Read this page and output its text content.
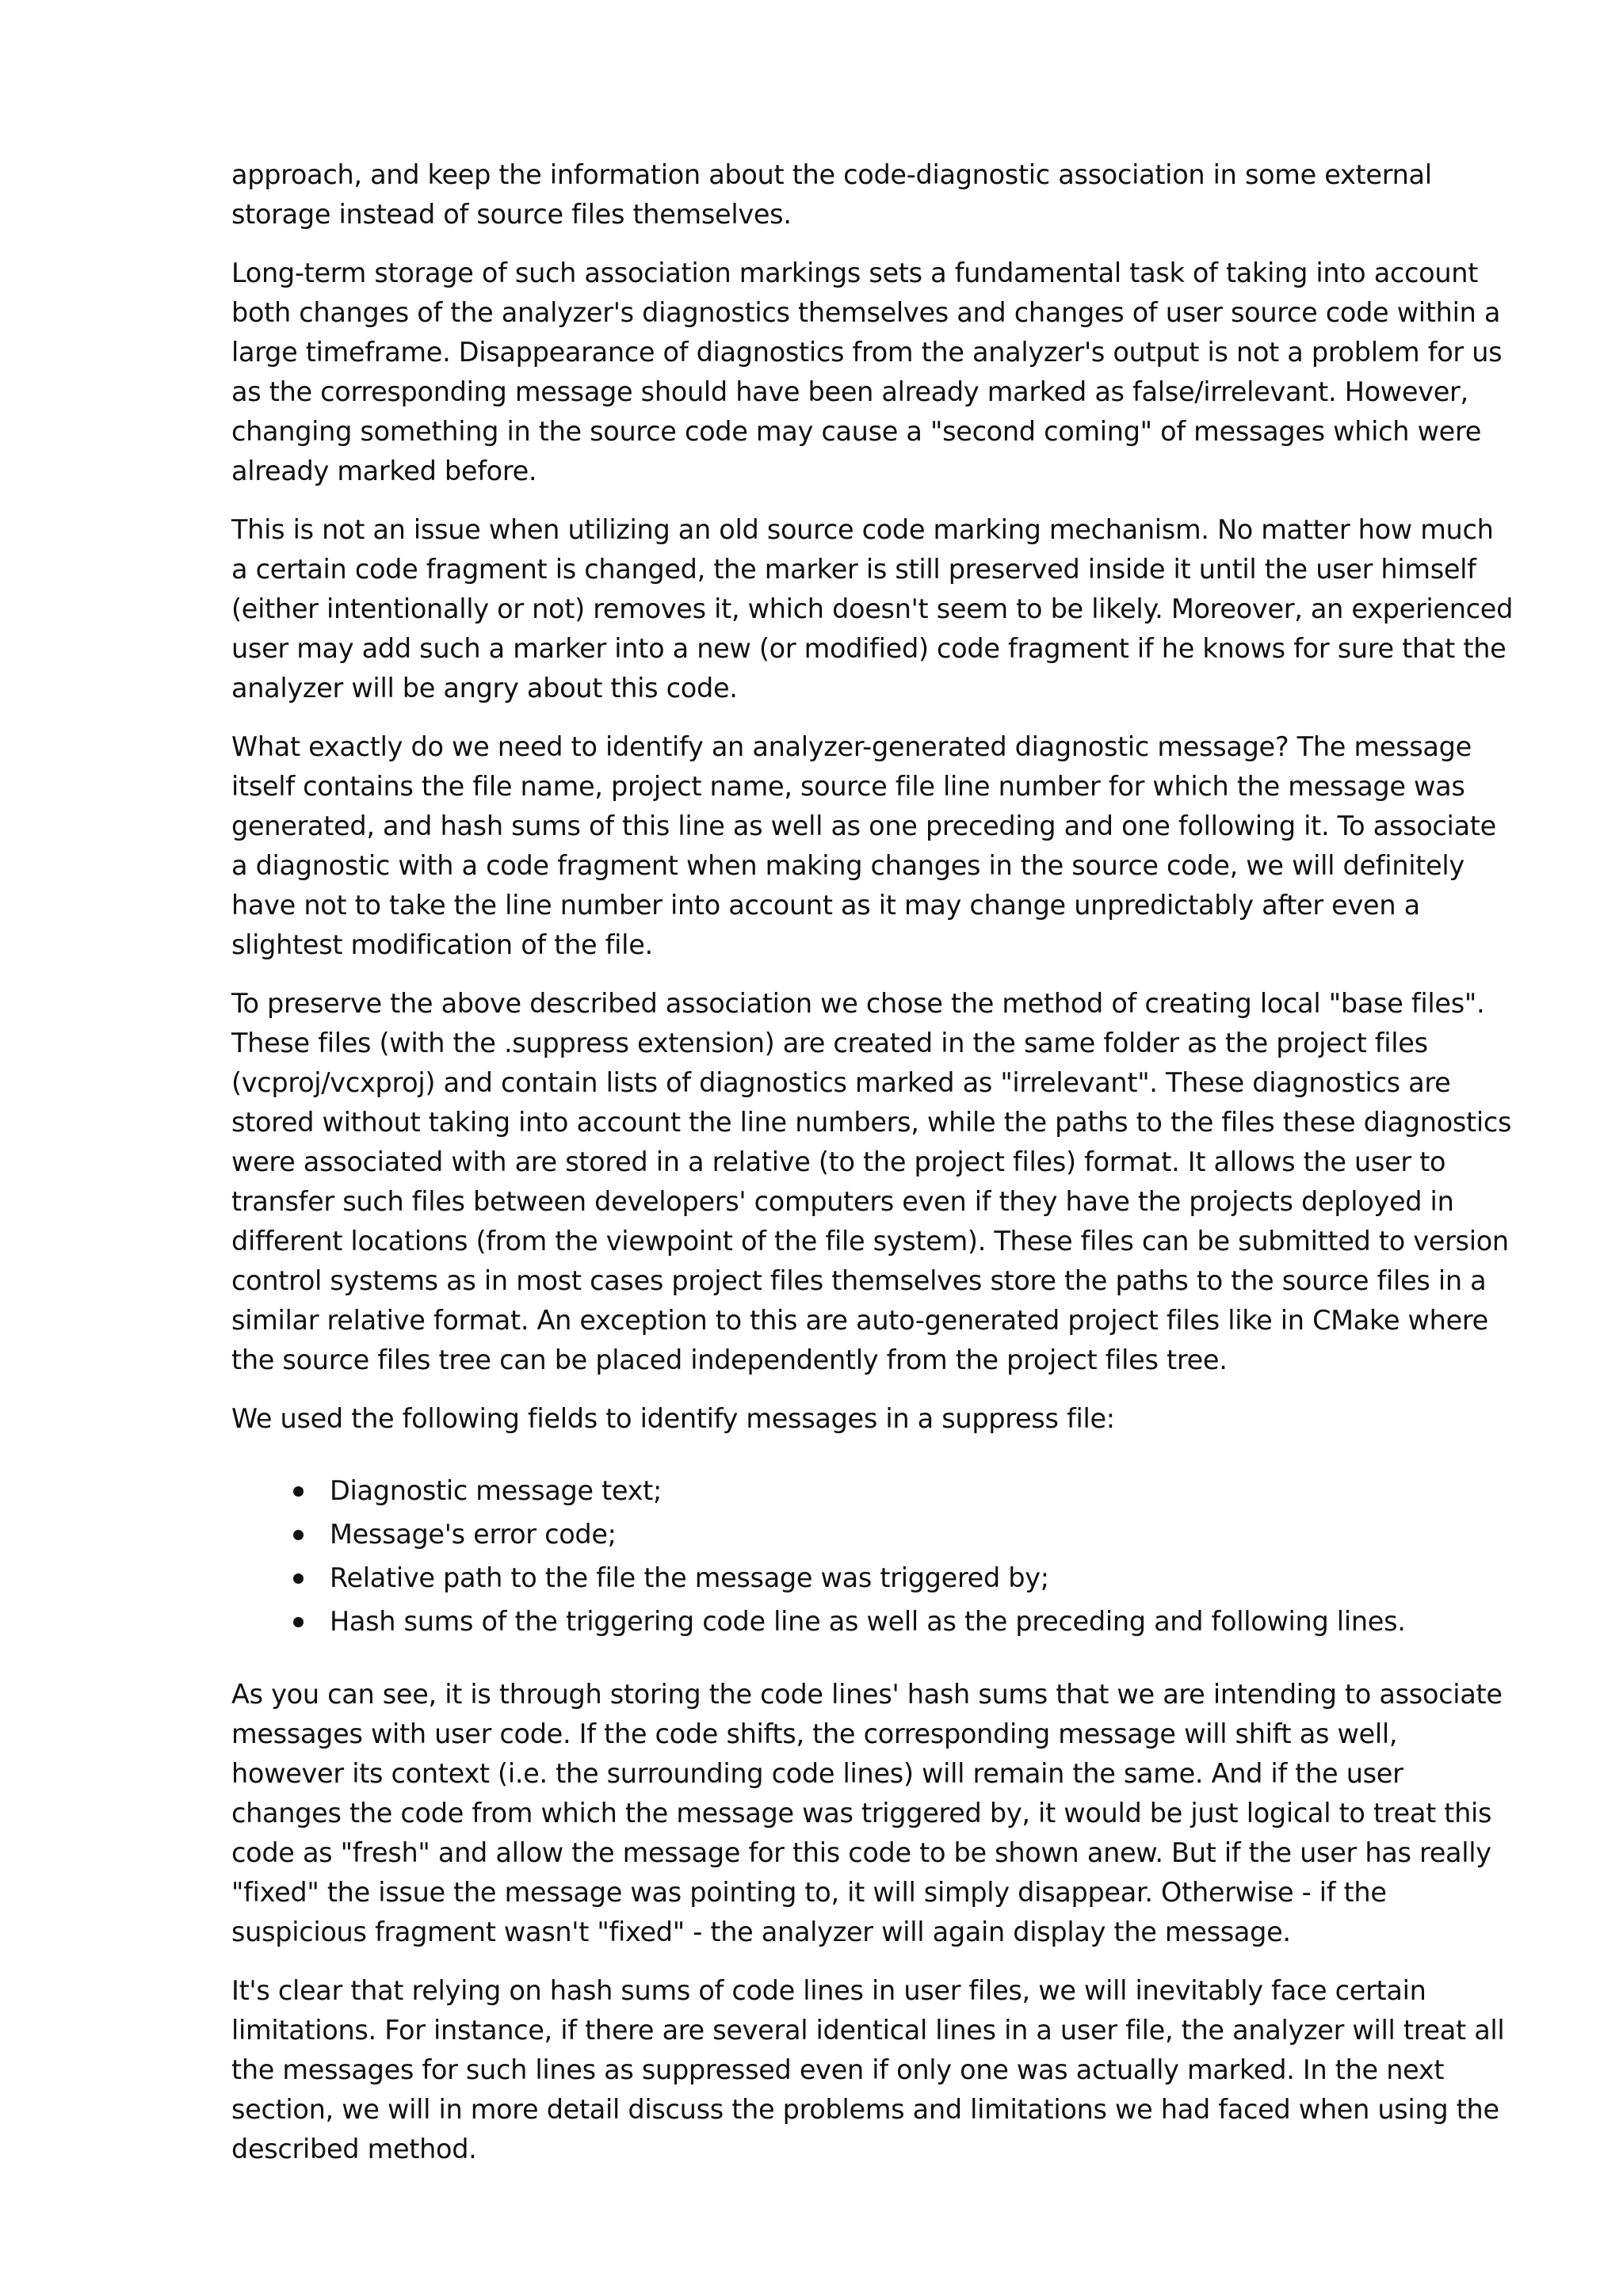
approach, and keep the information about the code-diagnostic association in some external storage instead of source files themselves.

Long-term storage of such association markings sets a fundamental task of taking into account both changes of the analyzer's diagnostics themselves and changes of user source code within a large timeframe. Disappearance of diagnostics from the analyzer's output is not a problem for us as the corresponding message should have been already marked as false/irrelevant. However, changing something in the source code may cause a "second coming" of messages which were already marked before.

This is not an issue when utilizing an old source code marking mechanism. No matter how much a certain code fragment is changed, the marker is still preserved inside it until the user himself (either intentionally or not) removes it, which doesn't seem to be likely. Moreover, an experienced user may add such a marker into a new (or modified) code fragment if he knows for sure that the analyzer will be angry about this code.

What exactly do we need to identify an analyzer-generated diagnostic message? The message itself contains the file name, project name, source file line number for which the message was generated, and hash sums of this line as well as one preceding and one following it. To associate a diagnostic with a code fragment when making changes in the source code, we will definitely have not to take the line number into account as it may change unpredictably after even a slightest modification of the file.

To preserve the above described association we chose the method of creating local "base files". These files (with the .suppress extension) are created in the same folder as the project files (vcproj/vcxproj) and contain lists of diagnostics marked as "irrelevant". These diagnostics are stored without taking into account the line numbers, while the paths to the files these diagnostics were associated with are stored in a relative (to the project files) format. It allows the user to transfer such files between developers' computers even if they have the projects deployed in different locations (from the viewpoint of the file system). These files can be submitted to version control systems as in most cases project files themselves store the paths to the source files in a similar relative format. An exception to this are auto-generated project files like in CMake where the source files tree can be placed independently from the project files tree.

We used the following fields to identify messages in a suppress file:

Diagnostic message text;
Message's error code;
Relative path to the file the message was triggered by;
Hash sums of the triggering code line as well as the preceding and following lines.

As you can see, it is through storing the code lines' hash sums that we are intending to associate messages with user code. If the code shifts, the corresponding message will shift as well, however its context (i.e. the surrounding code lines) will remain the same. And if the user changes the code from which the message was triggered by, it would be just logical to treat this code as "fresh" and allow the message for this code to be shown anew. But if the user has really "fixed" the issue the message was pointing to, it will simply disappear. Otherwise - if the suspicious fragment wasn't "fixed" - the analyzer will again display the message.

It's clear that relying on hash sums of code lines in user files, we will inevitably face certain limitations. For instance, if there are several identical lines in a user file, the analyzer will treat all the messages for such lines as suppressed even if only one was actually marked. In the next section, we will in more detail discuss the problems and limitations we had faced when using the described method.
